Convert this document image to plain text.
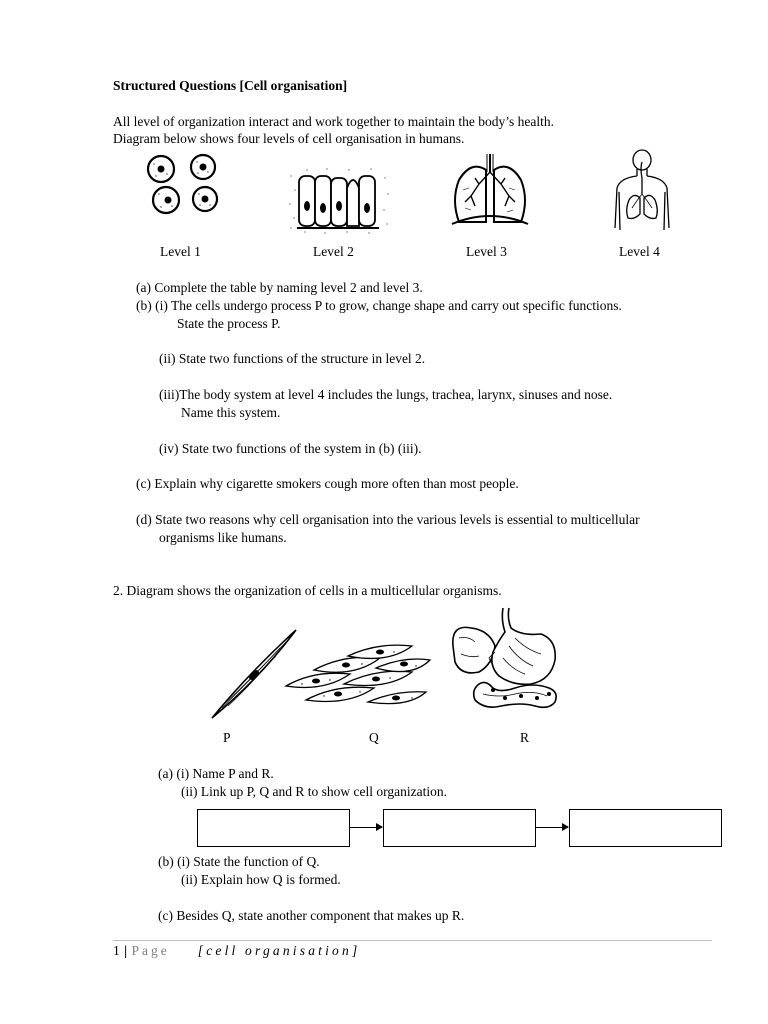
Structured Questions [Cell organisation]
All level of organization interact and work together to maintain the body’s health.
Diagram below shows four levels of cell organisation in humans.
Level 1	Level 2	Level 3	Level 4
(a) Complete the table by naming level 2 and level 3.
(b) (i) The cells undergo process P to grow, change shape and carry out specific functions.
State the process P.
(ii) State two functions of the structure in level 2.
(iii)The body system at level 4 includes the lungs, trachea, larynx, sinuses and nose.
Name this system.
(iv) State two functions of the system in (b) (iii).
(c) Explain why cigarette smokers cough more often than most people.
(d) State two reasons why cell organisation into the various levels is essential to multicellular
organisms like humans.
2. Diagram shows the organization of cells in a multicellular organisms.
P	Q	R
(a) (i) Name P and R.
(ii) Link up P, Q and R to show cell organization.
(b) (i) State the function of Q.
(ii) Explain how Q is formed.
(c) Besides Q, state another component that makes up R.
1 | Page [cell organisation]
